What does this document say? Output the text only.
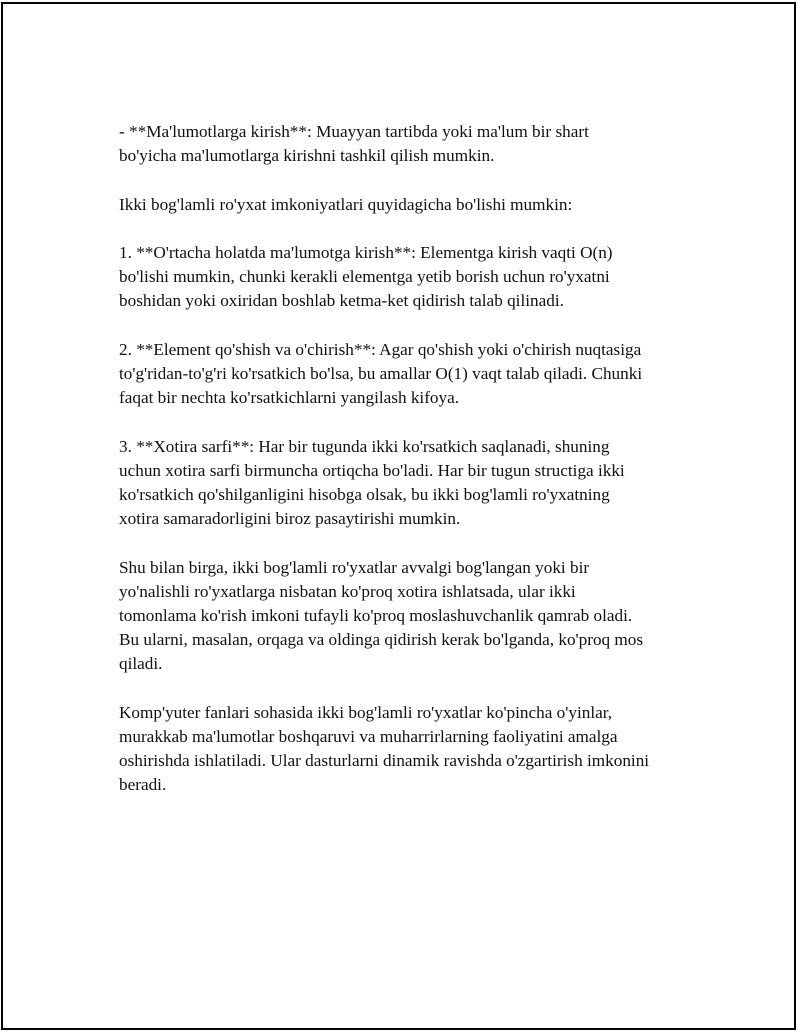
- **Ma'lumotlarga kirish**: Muayyan tartibda yoki ma'lum bir shart
bo'yicha ma'lumotlarga kirishni tashkil qilish mumkin.

Ikki bog'lamli ro'yxat imkoniyatlari quyidagicha bo'lishi mumkin:

1. **O'rtacha holatda ma'lumotga kirish**: Elementga kirish vaqti O(n)
bo'lishi mumkin, chunki kerakli elementga yetib borish uchun ro'yxatni
boshidan yoki oxiridan boshlab ketma-ket qidirish talab qilinadi.

2. **Element qo'shish va o'chirish**: Agar qo'shish yoki o'chirish nuqtasiga
to'g'ridan-to'g'ri ko'rsatkich bo'lsa, bu amallar O(1) vaqt talab qiladi. Chunki
faqat bir nechta ko'rsatkichlarni yangilash kifoya.

3. **Xotira sarfi**: Har bir tugunda ikki ko'rsatkich saqlanadi, shuning
uchun xotira sarfi birmuncha ortiqcha bo'ladi. Har bir tugun structiga ikki
ko'rsatkich qo'shilganligini hisobga olsak, bu ikki bog'lamli ro'yxatning
xotira samaradorligini biroz pasaytirishi mumkin.

Shu bilan birga, ikki bog'lamli ro'yxatlar avvalgi bog'langan yoki bir
yo'nalishli ro'yxatlarga nisbatan ko'proq xotira ishlatsada, ular ikki
tomonlama ko'rish imkoni tufayli ko'proq moslashuvchanlik qamrab oladi.
Bu ularni, masalan, orqaga va oldinga qidirish kerak bo'lganda, ko'proq mos
qiladi.

Komp'yuter fanlari sohasida ikki bog'lamli ro'yxatlar ko'pincha o'yinlar,
murakkab ma'lumotlar boshqaruvi va muharrirlarning faoliyatini amalga
oshirishda ishlatiladi. Ular dasturlarni dinamik ravishda o'zgartirish imkonini
beradi.
